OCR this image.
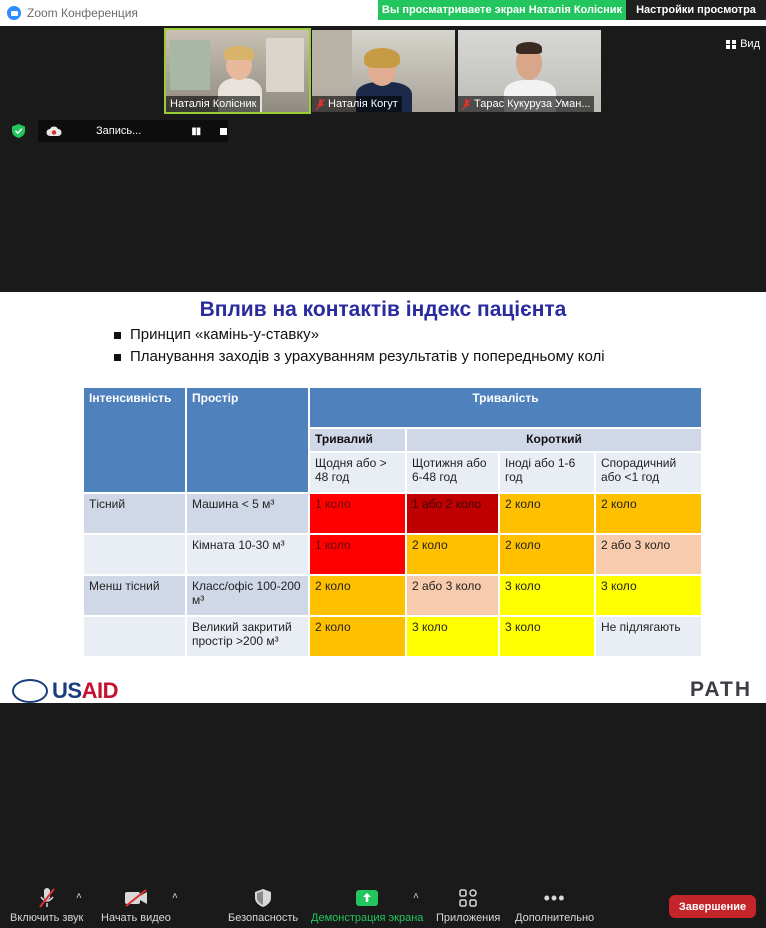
Zoom Конференция	Вы просматриваете экран Наталія Колісник	Настройки просмотра
Наталія Колісник	Наталія Когут	Тарас Кукуруза Уман...
Вид
Запись...	▮▮
Вплив на контактів індекс пацієнта
Принцип «камінь-у-ставку»
Планування заходів з урахуванням результатів у попередньому колі
Інтенсивність	Простір	Тривалість			
		Тривалий	Короткий		
		Щодня або > 48 год	Щотижня або 6-48 год	Іноді або 1-6 год	Спорадичний або <1 год
Тісний	Машина < 5 м³	1 коло	1 або 2 коло	2 коло	2 коло
	Кімната 10-30 м³	1 коло	2 коло	2 коло	2 або 3 коло
Менш тісний	Класс/офіс 100-200 м³	2 коло	2 або 3 коло	3 коло	3 коло
	Великий закритий простір >200 м³	2 коло	3 коло	3 коло	Не підлягають
US AID	PATH
Включить звук
˄
Начать видео
˄
Безопасность Демонстрация экрана
˄
Приложения
•••
Дополнительно
Завершение
